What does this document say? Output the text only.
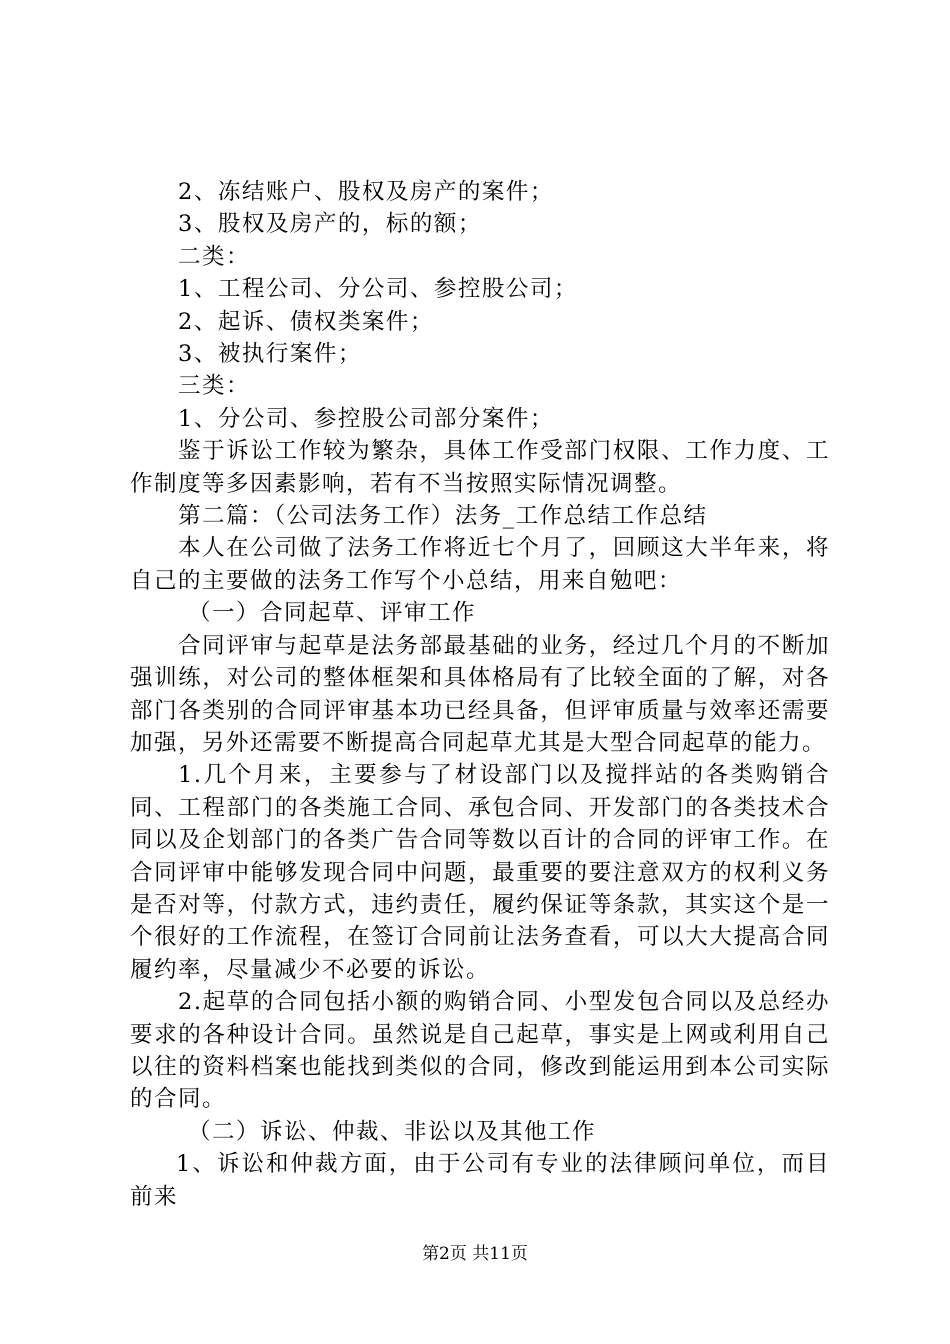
2、冻结账户、股权及房产的案件；

3、股权及房产的，标的额；

二类：

1、工程公司、分公司、参控股公司；

2、起诉、债权类案件；

3、被执行案件；

三类：

1、分公司、参控股公司部分案件；

鉴于诉讼工作较为繁杂，具体工作受部门权限、工作力度、工作制度等多因素影响，若有不当按照实际情况调整。

第二篇：（公司法务工作）法务_工作总结工作总结

本人在公司做了法务工作将近七个月了，回顾这大半年来，将自己的主要做的法务工作写个小总结，用来自勉吧：

（一）合同起草、评审工作

合同评审与起草是法务部最基础的业务，经过几个月的不断加强训练，对公司的整体框架和具体格局有了比较全面的了解，对各部门各类别的合同评审基本功已经具备，但评审质量与效率还需要加强，另外还需要不断提高合同起草尤其是大型合同起草的能力。

1.几个月来，主要参与了材设部门以及搅拌站的各类购销合同、工程部门的各类施工合同、承包合同、开发部门的各类技术合同以及企划部门的各类广告合同等数以百计的合同的评审工作。在合同评审中能够发现合同中问题，最重要的要注意双方的权利义务是否对等，付款方式，违约责任，履约保证等条款，其实这个是一个很好的工作流程，在签订合同前让法务查看，可以大大提高合同履约率，尽量减少不必要的诉讼。

2.起草的合同包括小额的购销合同、小型发包合同以及总经办要求的各种设计合同。虽然说是自己起草，事实是上网或利用自己以往的资料档案也能找到类似的合同，修改到能运用到本公司实际的合同。

（二）诉讼、仲裁、非讼以及其他工作

1、诉讼和仲裁方面，由于公司有专业的法律顾问单位，而目前来

第2页 共11页
